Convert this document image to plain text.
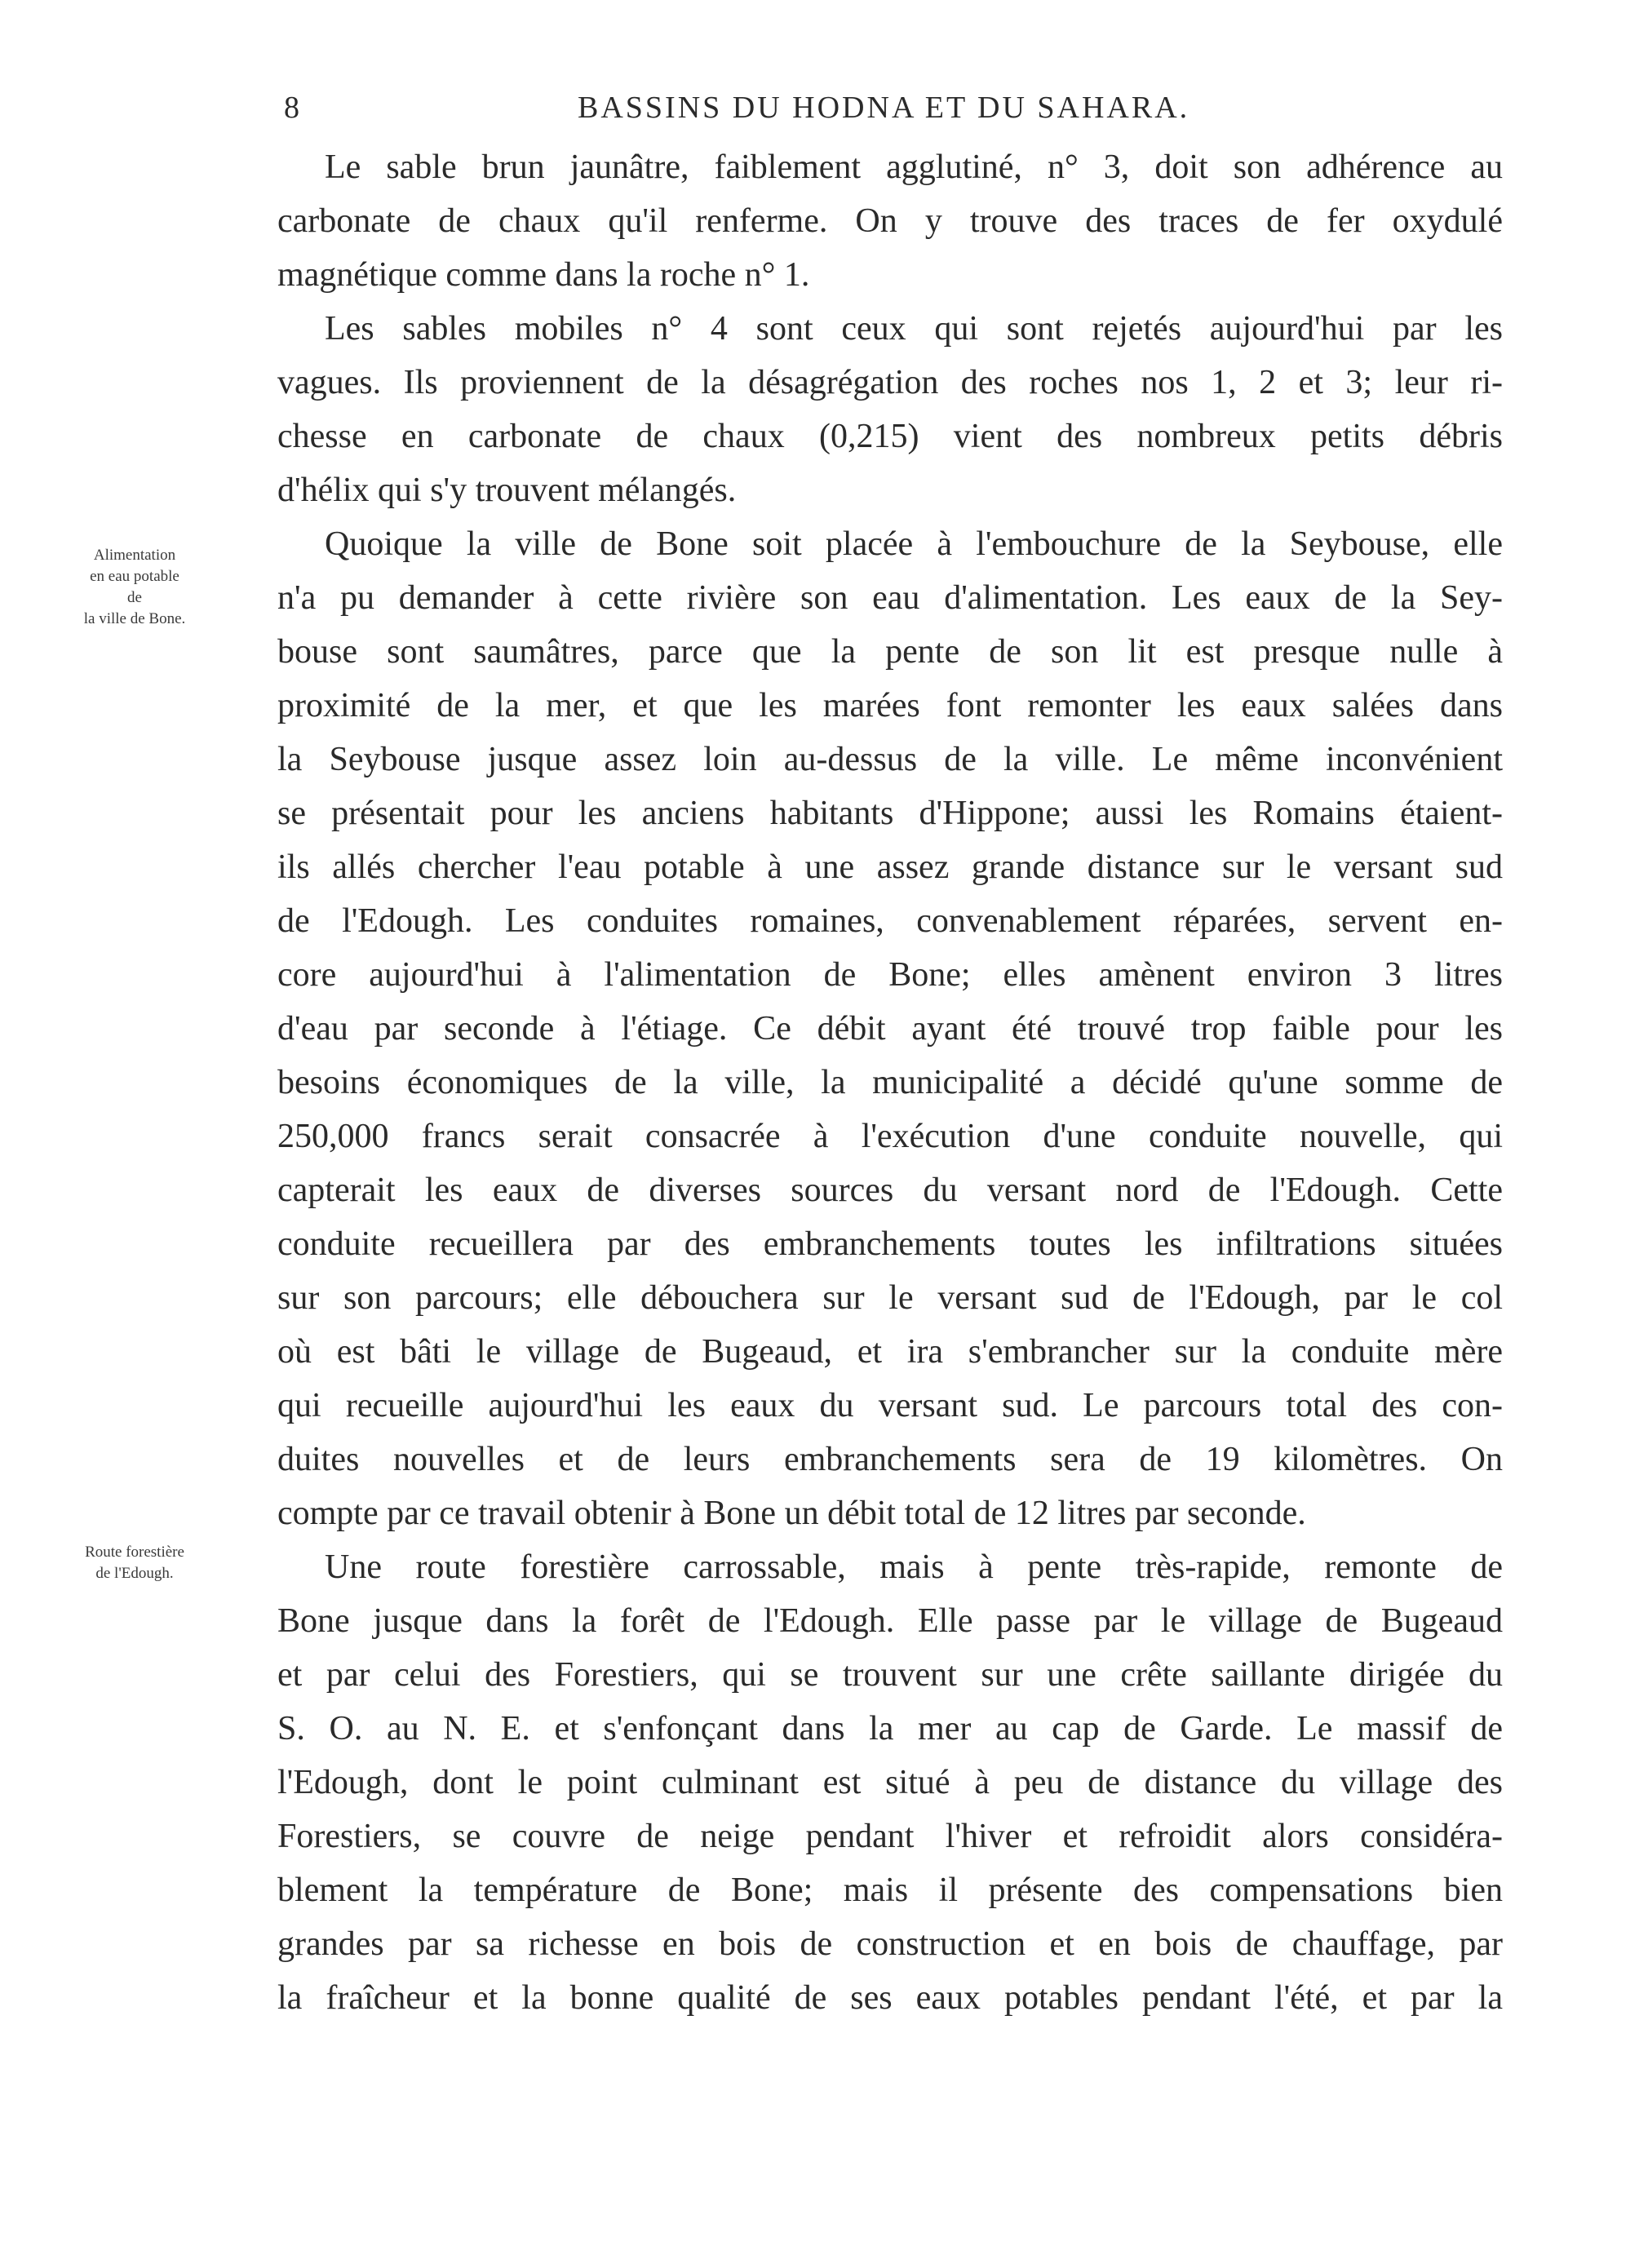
8	BASSINS DU HODNA ET DU SAHARA.
Alimentation
en eau potable
de
la ville de Bone.
Route forestière
de l'Edough.
Le sable brun jaunâtre, faiblement agglutiné, n° 3, doit son adhérence au
carbonate de chaux qu'il renferme. On y trouve des traces de fer oxydulé
magnétique comme dans la roche n° 1.
Les sables mobiles n° 4 sont ceux qui sont rejetés aujourd'hui par les
vagues. Ils proviennent de la désagrégation des roches nos 1, 2 et 3; leur ri-
chesse en carbonate de chaux (0,215) vient des nombreux petits débris
d'hélix qui s'y trouvent mélangés.
Quoique la ville de Bone soit placée à l'embouchure de la Seybouse, elle
n'a pu demander à cette rivière son eau d'alimentation. Les eaux de la Sey-
bouse sont saumâtres, parce que la pente de son lit est presque nulle à
proximité de la mer, et que les marées font remonter les eaux salées dans
la Seybouse jusque assez loin au-dessus de la ville. Le même inconvénient
se présentait pour les anciens habitants d'Hippone; aussi les Romains étaient-
ils allés chercher l'eau potable à une assez grande distance sur le versant sud
de l'Edough. Les conduites romaines, convenablement réparées, servent en-
core aujourd'hui à l'alimentation de Bone; elles amènent environ 3 litres
d'eau par seconde à l'étiage. Ce débit ayant été trouvé trop faible pour les
besoins économiques de la ville, la municipalité a décidé qu'une somme de
250,000 francs serait consacrée à l'exécution d'une conduite nouvelle, qui
capterait les eaux de diverses sources du versant nord de l'Edough. Cette
conduite recueillera par des embranchements toutes les infiltrations situées
sur son parcours; elle débouchera sur le versant sud de l'Edough, par le col
où est bâti le village de Bugeaud, et ira s'embrancher sur la conduite mère
qui recueille aujourd'hui les eaux du versant sud. Le parcours total des con-
duites nouvelles et de leurs embranchements sera de 19 kilomètres. On
compte par ce travail obtenir à Bone un débit total de 12 litres par seconde.
Une route forestière carrossable, mais à pente très-rapide, remonte de
Bone jusque dans la forêt de l'Edough. Elle passe par le village de Bugeaud
et par celui des Forestiers, qui se trouvent sur une crête saillante dirigée du
S. O. au N. E. et s'enfonçant dans la mer au cap de Garde. Le massif de
l'Edough, dont le point culminant est situé à peu de distance du village des
Forestiers, se couvre de neige pendant l'hiver et refroidit alors considéra-
blement la température de Bone; mais il présente des compensations bien
grandes par sa richesse en bois de construction et en bois de chauffage, par
la fraîcheur et la bonne qualité de ses eaux potables pendant l'été, et par la
